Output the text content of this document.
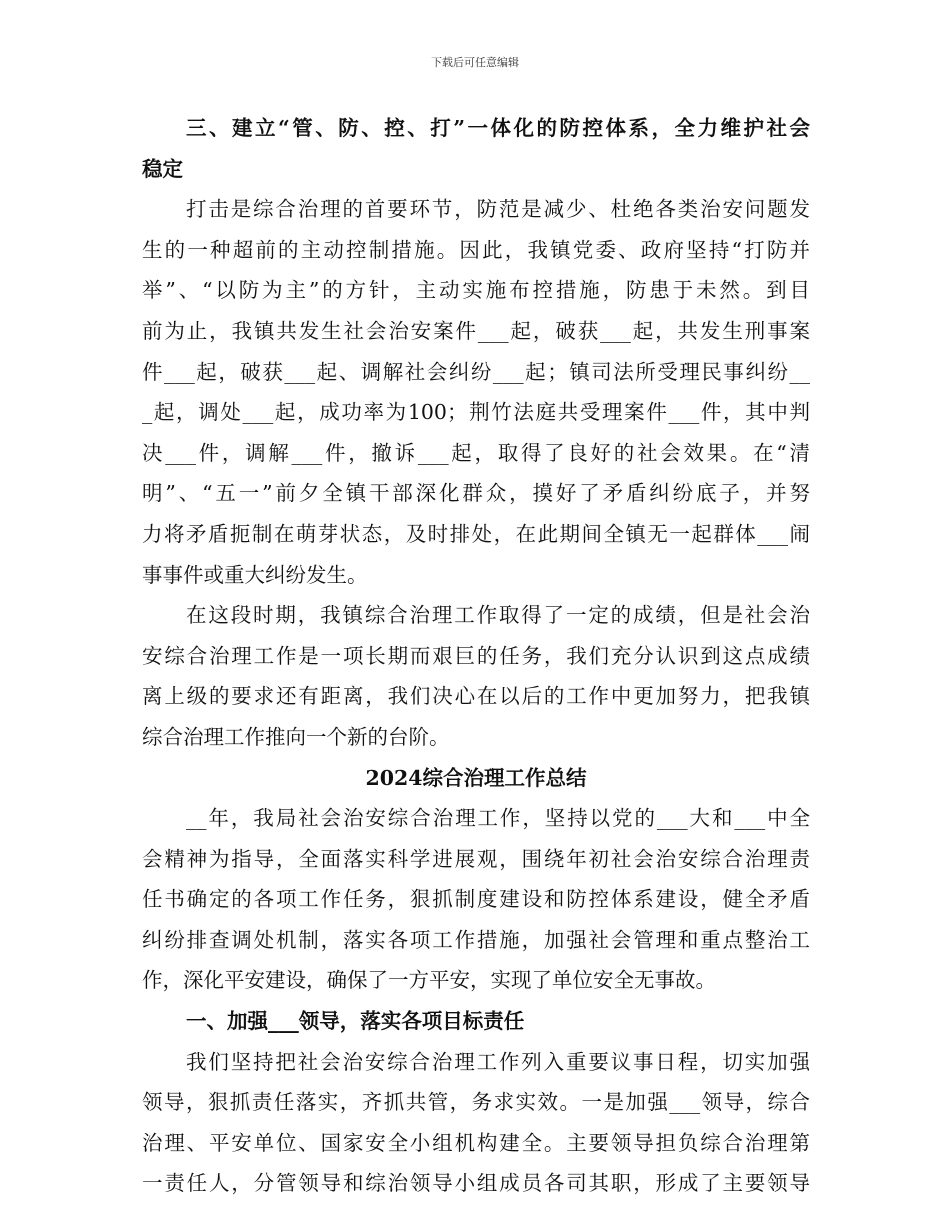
下载后可任意编辑
三、建立“管、防、控、打”一体化的防控体系，全力维护社会
稳定
打击是综合治理的首要环节，防范是减少、杜绝各类治安问题发
生的一种超前的主动控制措施。因此，我镇党委、政府坚持“打防并
举”、“以防为主”的方针，主动实施布控措施，防患于未然。到目
前为止，我镇共发生社会治安案件___起，破获___起，共发生刑事案
件___起，破获___起、调解社会纠纷___起；镇司法所受理民事纠纷__
_起，调处___起，成功率为100；荆竹法庭共受理案件___件，其中判
决___件，调解___件，撤诉___起，取得了良好的社会效果。在“清
明”、“五一”前夕全镇干部深化群众，摸好了矛盾纠纷底子，并努
力将矛盾扼制在萌芽状态，及时排处，在此期间全镇无一起群体___闹
事事件或重大纠纷发生。
在这段时期，我镇综合治理工作取得了一定的成绩，但是社会治
安综合治理工作是一项长期而艰巨的任务，我们充分认识到这点成绩
离上级的要求还有距离，我们决心在以后的工作中更加努力，把我镇
综合治理工作推向一个新的台阶。
2024综合治理工作总结
__年，我局社会治安综合治理工作，坚持以党的___大和___中全
会精神为指导，全面落实科学进展观，围绕年初社会治安综合治理责
任书确定的各项工作任务，狠抓制度建设和防控体系建设，健全矛盾
纠纷排查调处机制，落实各项工作措施，加强社会管理和重点整治工
作，深化平安建设，确保了一方平安，实现了单位安全无事故。
一、加强___领导，落实各项目标责任
我们坚持把社会治安综合治理工作列入重要议事日程，切实加强
领导，狠抓责任落实，齐抓共管，务求实效。一是加强___领导，综合
治理、平安单位、国家安全小组机构建全。主要领导担负综合治理第
一责任人，分管领导和综治领导小组成员各司其职，形成了主要领导
